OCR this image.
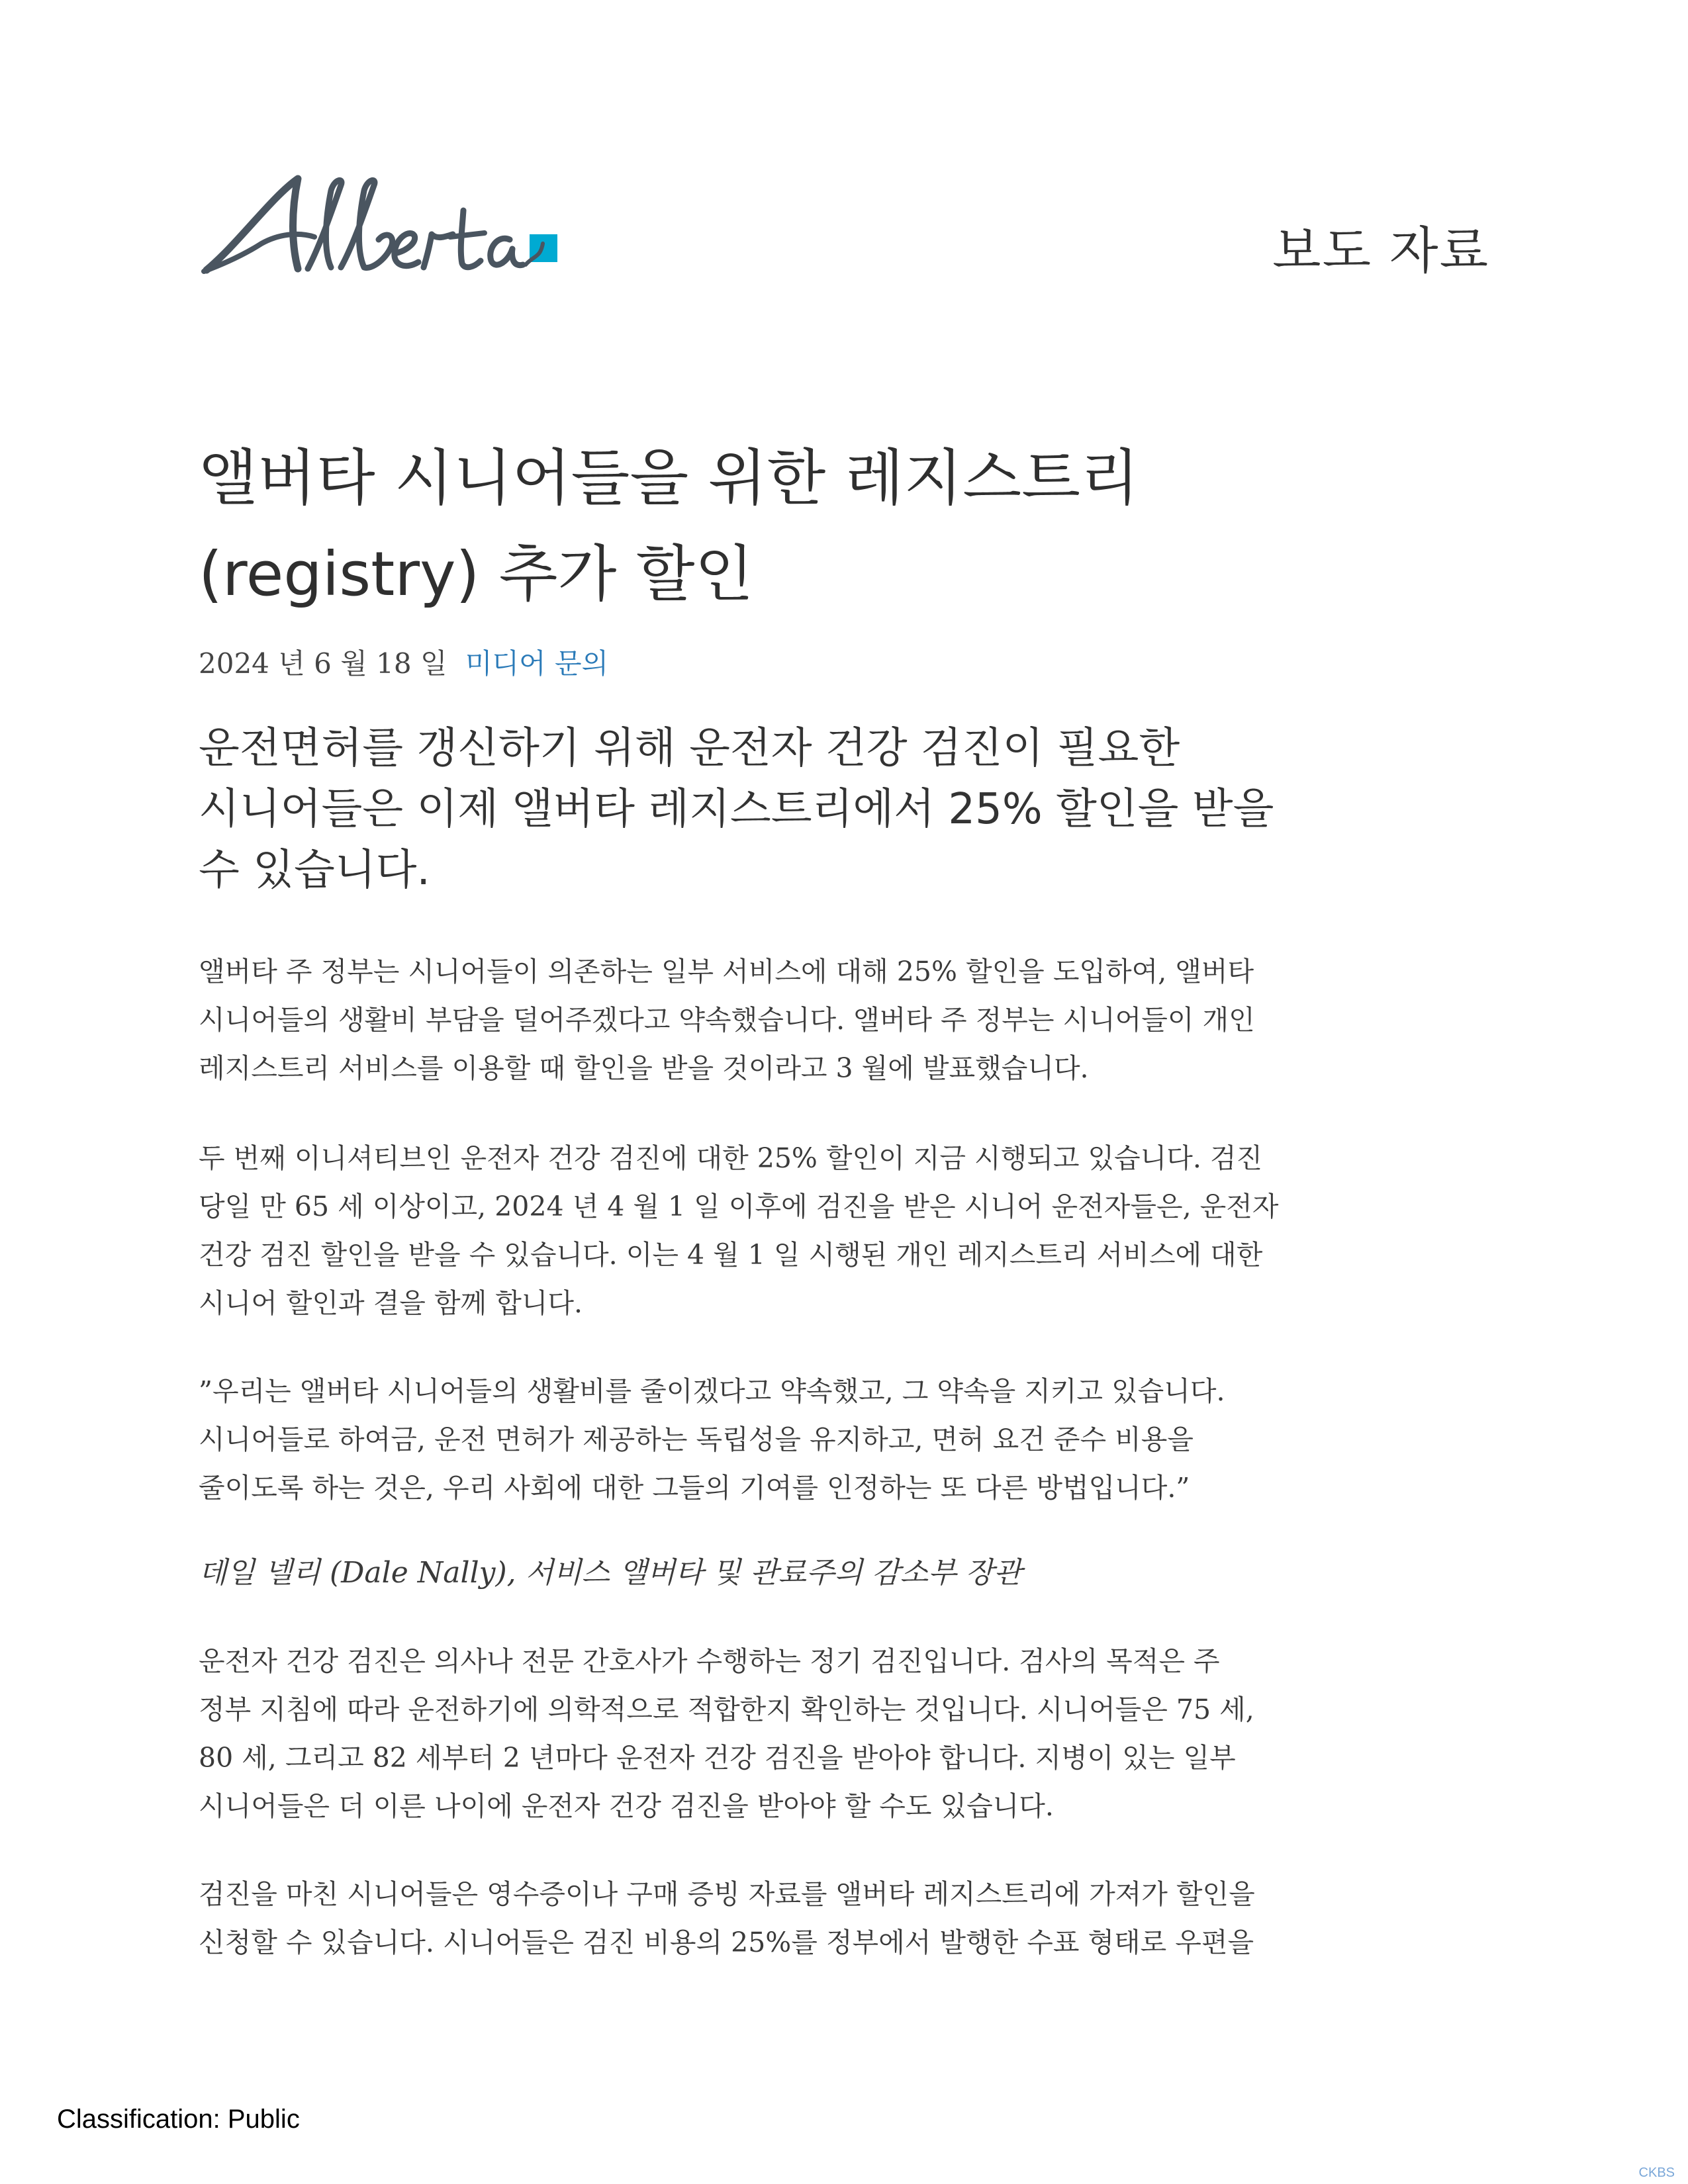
보도 자료
앨버타 시니어들을 위한 레지스트리
(registry) 추가 할인
2024 년 6 월 18 일 미디어 문의
운전면허를 갱신하기 위해 운전자 건강 검진이 필요한
시니어들은 이제 앨버타 레지스트리에서 25% 할인을 받을
수 있습니다.
앨버타 주 정부는 시니어들이 의존하는 일부 서비스에 대해 25% 할인을 도입하여, 앨버타
시니어들의 생활비 부담을 덜어주겠다고 약속했습니다. 앨버타 주 정부는 시니어들이 개인
레지스트리 서비스를 이용할 때 할인을 받을 것이라고 3 월에 발표했습니다.
두 번째 이니셔티브인 운전자 건강 검진에 대한 25% 할인이 지금 시행되고 있습니다. 검진
당일 만 65 세 이상이고, 2024 년 4 월 1 일 이후에 검진을 받은 시니어 운전자들은, 운전자
건강 검진 할인을 받을 수 있습니다. 이는 4 월 1 일 시행된 개인 레지스트리 서비스에 대한
시니어 할인과 결을 함께 합니다.
”우리는 앨버타 시니어들의 생활비를 줄이겠다고 약속했고, 그 약속을 지키고 있습니다.
시니어들로 하여금, 운전 면허가 제공하는 독립성을 유지하고, 면허 요건 준수 비용을
줄이도록 하는 것은, 우리 사회에 대한 그들의 기여를 인정하는 또 다른 방법입니다.”
데일 넬리 (Dale Nally), 서비스 앨버타 및 관료주의 감소부 장관
운전자 건강 검진은 의사나 전문 간호사가 수행하는 정기 검진입니다. 검사의 목적은 주
정부 지침에 따라 운전하기에 의학적으로 적합한지 확인하는 것입니다. 시니어들은 75 세,
80 세, 그리고 82 세부터 2 년마다 운전자 건강 검진을 받아야 합니다. 지병이 있는 일부
시니어들은 더 이른 나이에 운전자 건강 검진을 받아야 할 수도 있습니다.
검진을 마친 시니어들은 영수증이나 구매 증빙 자료를 앨버타 레지스트리에 가져가 할인을
신청할 수 있습니다. 시니어들은 검진 비용의 25%를 정부에서 발행한 수표 형태로 우편을
Classification: Public
CKBS
